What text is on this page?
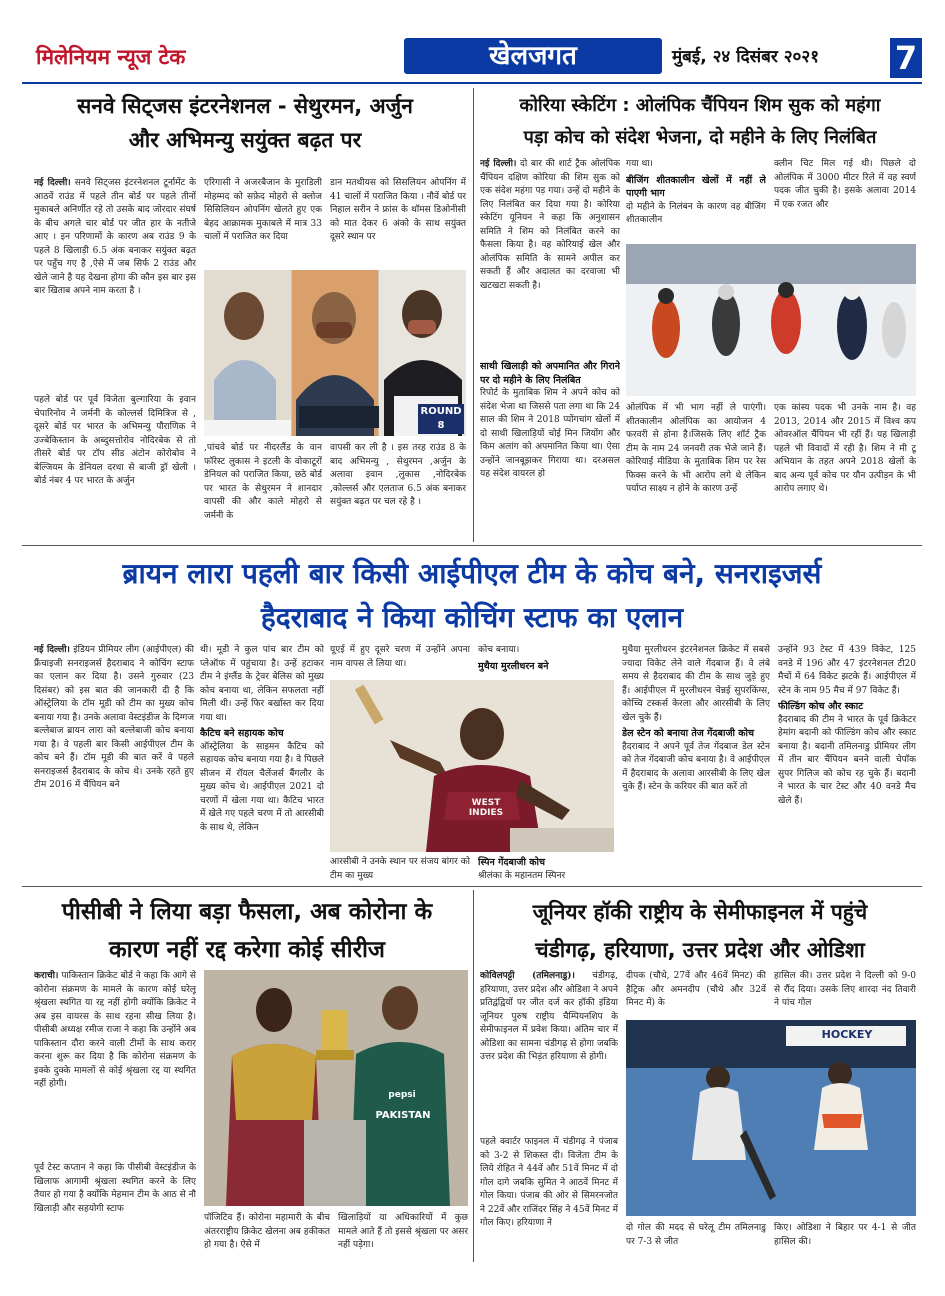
मिलेनियम न्यूज टेक	खेलजगत	मुंबई, २४ दिसंबर २०२१	7
सनवे सिट्जस इंटरनेशनल - सेथुरमन, अर्जुन
और अभिमन्यु सयुंक्त बढ़त पर
नई दिल्ली। सनवे सिट्जस इंटरनेशनल टूर्नामेंट के आठवें राउंड में पहले तीन बोर्ड पर पहले तीनों मुकाबले अनिर्णीत रहे तो उसके बाद जोरदार संघर्ष के बीच अगले चार बोर्ड पर जीत हार के नतीजे आए । इन परिणामों के कारण अब राउंड 9 के पहले 8 खिलाड़ी 6.5 अंक बनाकर सयुंक्त बढ़त पर पहुँच गए है ,ऐसे में जब सिर्फ 2 राउंड और खेले जाने है यह देखना होगा की कौन इस बार इस बार खिताब अपने नाम करता है ।
पहले बोर्ड पर पूर्व विजेता बुल्गारिया के इवान चेपारिनोव ने जर्मनी के कोल्लर्स दिमित्रिज से , दूसरे बोर्ड पर भारत के अभिमन्यु पौराणिक ने उज्बेकिस्तान के अब्दुसत्तोरोव नोदिरबेक से तो तीसरे बोर्ड पर टॉप सीड अंटोन कोरोबोव ने बेल्जियम के डेनियल दरधा से बाजी ड्रॉ खेली । बोर्ड नंबर 4 पर भारत के अर्जुन
एरिगासी ने अजरबैजान के मुराडिली मोहम्मद को सफ़ेद मोहरो से क्लोज सिसिलियन ओपनिंग खेलते हुए एक बेहद आक्रामक मुकाबले में मात्र 33 चालों में पराजित कर दिया
डान मतथीयस को सिसलियन ओपनिंग में 41 चालों में पराजित किया । नौवें बोर्ड पर निहाल सरीन ने फ्रांस के थॉमस डिओनीसी को मात देकर 6 अंको के साथ सयुंक्त दूसरे स्थान पर
ROUND
8
,पांचवे बोर्ड पर नीदरलैंड के वान फॉरेस्ट लुकास ने इटली के वोकाटूरों डेनियल को पराजित किया, छठे बोर्ड पर भारत के सेथुरमन ने शानदार वापसी की और काले मोहरो से जर्मनी के
वापसी कर ली है । इस तरह राउंड 8 के बाद अभिमन्यु , सेथुरमन ,अर्जुन के अलावा इवान ,लुकास ,नोदिरबेक ,कोल्लर्स और एलताज 6.5 अंक बनाकर सयुंक्त बढ़त पर चल रहे है ।
कोरिया स्केटिंग : ओलंपिक चैंपियन शिम सुक को महंगा
पड़ा कोच को संदेश भेजना, दो महीने के लिए निलंबित
नई दिल्ली। दो बार की शार्ट ट्रैक ओलंपिक चैंपियन दक्षिण कोरिया की शिम सुक को एक संदेश महंगा पड़ गया। उन्हें दो महीने के लिए निलंबित कर दिया गया है। कोरिया स्केटिंग यूनियन ने कहा कि अनुशासन समिति ने शिम को निलंबित करने का फैसला किया है। वह कोरियाई खेल और ओलंपिक समिति के सामने अपील कर सकती हैं और अदालत का दरवाजा भी खटखटा सकती है।
साथी खिलाड़ी को अपमानित और गिराने पर दो महीने के लिए निलंबित
रिपोर्ट के मुताबिक शिम ने अपने कोच को संदेश भेजा था जिससे पता लगा था कि 24 साल की शिम ने 2018 प्योंगचांग खेलों में दो साथी खिलाड़ियों चोई मिन जियोंग और किम अलांग को अपमानित किया था। ऐसा उन्होंने जानबूझकर गिराया था। दरअसल यह संदेश वायरल हो
गया था।
बीजिंग शीतकालीन खेलों में नहीं ले पाएगी भाग
दो महीने के निलंबन के कारण वह बीजिंग शीतकालीन
क्लीन चिट मिल गई थी। पिछले दो ओलंपिक में 3000 मीटर रिले में वह स्वर्ण पदक जीत चुकी है। इसके अलावा 2014 में एक रजत और
ओलंपिक में भी भाग नहीं ले पाएंगी। शीतकालीन ओलंपिक का आयोजन 4 फरवरी से होना है।जिसके लिए शॉर्ट ट्रैक टीम के नाम 24 जनवरी तक भेजे जाने हैं। कोरियाई मीडिया के मुताबिक शिम पर रेस फिक्स करने के भी आरोप लगे थे लेकिन पर्याप्त साक्ष्य न होने के कारण उन्हें
एक कांस्य पदक भी उनके नाम है। वह 2013, 2014 और 2015 में विश्व कप ओवरऑल चैंपियन भी रहीं हैं। यह खिलाड़ी पहले भी विवादों में रही है। शिम ने मी टू अभियान के तहत अपने 2018 खेलों के बाद अन्य पूर्व कोच पर यौन उत्पीड़न के भी आरोप लगाए थे।
ब्रायन लारा पहली बार किसी आईपीएल टीम के कोच बने, सनराइजर्स
हैदराबाद ने किया कोचिंग स्टाफ का एलान
नई दिल्ली। इंडियन प्रीमियर लीग (आईपीएल) की फ्रैंचाइजी सनराइजर्स हैदराबाद ने कोचिंग स्टाफ का एलान कर दिया है। उसने गुरुवार (23 दिसंबर) को इस बात की जानकारी दी है कि ऑस्ट्रेलिया के टॉम मूडी को टीम का मुख्य कोच बनाया गया है। उनके अलावा वेस्टइंडीज के दिग्गज बल्लेबाज ब्रायन लारा को बल्लेबाजी कोच बनाया गया है। वे पहली बार किसी आईपीएल टीम के कोच बने हैं। टॉम मूडी की बात करें वे पहले सनराइजर्स हैदराबाद के कोच थे। उनके रहते हुए टीम 2016 में चैंपियन बने
थी। मूडी ने कुल पांच बार टीम को प्लेऑफ में पहुंचाया है। उन्हें हटाकर टीम ने इंग्लैंड के ट्रेवर बेलिस को मुख्य कोच बनाया था, लेकिन सफलता नहीं मिली थी। उन्हें फिर बर्खास्त कर दिया गया था।
कैटिच बने सहायक कोच
ऑस्ट्रेलिया के साइमन कैटिच को सहायक कोच बनाया गया है। वे पिछले सीजन में रॉयल चैलेंजर्स बैंगलौर के मुख्य कोच थे। आईपीएल 2021 दो चरणों में खेला गया था। कैटिच भारत में खेले गए पहले चरण में तो आरसीबी के साथ थे, लेकिन
यूएई में हुए दूसरे चरण में उन्होंने अपना नाम वापस ले लिया था।
कोच बनाया।
मुथैया मुरलीधरन बने
WEST INDIES
आरसीबी ने उनके स्थान पर संजय बांगर को टीम का मुख्य
स्पिन गेंदबाजी कोच
श्रीलंका के महानतम स्पिनर
मुथैया मुरलीधरन इंटरनेशनल क्रिकेट में सबसे ज्यादा विकेट लेने वाले गेंदबाज हैं। वे लंबे समय से हैदराबाद की टीम के साथ जुड़े हुए हैं। आईपीएल में मुरलीधरन चेन्नई सुपरकिंग्स, कोच्चि टस्कर्स केरला और आरसीबी के लिए खेल चुके हैं।
डेल स्टेन को बनाया तेज गेंदबाजी कोच
हैदराबाद ने अपने पूर्व तेज गेंदबाज डेल स्टेन को तेज गेंदबाजी कोच बनाया है। वे आईपीएल में हैदराबाद के अलावा आरसीबी के लिए खेल चुके हैं। स्टेन के करियर की बात करें तो
उन्होंने 93 टेस्ट में 439 विकेट, 125 वनडे में 196 और 47 इंटरनेशनल टी20 मैचों में 64 विकेट झटके हैं। आईपीएल में स्टेन के नाम 95 मैच में 97 विकेट हैं।
फील्डिंग कोच और स्काट
हैदराबाद की टीम ने भारत के पूर्व क्रिकेटर हेमांग बदानी को फील्डिंग कोच और स्काट बनाया है। बदानी तमिलनाडु प्रीमियर लीग में तीन बार चैंपियन बनने वाली चेपॉक सुपर गिलिज को कोच रह चुके हैं। बदानी ने भारत के चार टेस्ट और 40 वनडे मैच खेले हैं।
पीसीबी ने लिया बड़ा फैसला, अब कोरोना के
कारण नहीं रद्द करेगा कोई सीरीज
कराची। पाकिस्तान क्रिकेट बोर्ड ने कहा कि आगे से कोरोना संक्रमण के मामले के कारण कोई घरेलू श्रृंखला स्थगित या रद्द नहीं होगी क्योंकि क्रिकेट ने अब इस वायरस के साथ रहना सीख लिया है। पीसीबी अध्यक्ष रमीज राजा ने कहा कि उन्होंने अब पाकिस्तान दौरा करने वाली टीमों के साथ करार करना शुरू कर दिया है कि कोरोना संक्रमण के इक्के दुक्के मामलों से कोई श्रृंखला रद्द या स्थगित नहीं होगी।
पूर्व टेस्ट कप्तान ने कहा कि पीसीबी वेस्टइंडीज के खिलाफ आगामी श्रृंखला स्थगित करने के लिए तैयार हो गया है क्योंकि मेहमान टीम के आठ से नौ खिलाड़ी और सहयोगी स्टाफ
PAKISTAN
pepsi
पॉजिटिव हैं। कोरोना महामारी के बीच अंतरराष्ट्रीय क्रिकेट खेलना अब हकीकत हो गया है। ऐसे में
खिलाड़ियों या अधिकारियों में कुछ मामले आते हैं तो इससे श्रृंखला पर असर नहीं पड़ेगा।
जूनियर हॉकी राष्ट्रीय के सेमीफाइनल में पहुंचे
चंडीगढ़, हरियाणा, उत्तर प्रदेश और ओडिशा
कोविलपट्टी (तमिलनाडु)। चंडीगढ़, हरियाणा, उत्तर प्रदेश और ओडिशा ने अपने प्रतिद्वंद्वियों पर जीत दर्ज कर हॉकी इंडिया जूनियर पुरुष राष्ट्रीय चैम्पियनशिप के सेमीफाइनल में प्रवेश किया। अंतिम चार में ओडिशा का सामना चंडीगढ़ से होगा जबकि उत्तर प्रदेश की भिड़ंत हरियाणा से होगी।
पहले क्वार्टर फाइनल में चंडीगढ़ ने पंजाब को 3-2 से शिकस्त दी। विजेता टीम के लिये रोहित ने 44वें और 51वें मिनट में दो गोल दागे जबकि सुमित ने आठवें मिनट में गोल किया। पंजाब की ओर से सिमरनजोत ने 22वें और राजिंदर सिंह ने 45वें मिनट में गोल किए। हरियाणा ने
दीपक (चौथे, 27वें और 46वें मिनट) की हैट्रिक और अमनदीप (चौथे और 32वें मिनट में) के
हासिल की। उत्तर प्रदेश ने दिल्ली को 9-0 से रौंद दिया। उसके लिए शारदा नंद तिवारी ने पांच गोल
HOCKEY
दो गोल की मदद से घरेलू टीम तमिलनाडु पर 7-3 से जीत
किए। ओडिशा ने बिहार पर 4-1 से जीत हासिल की।
